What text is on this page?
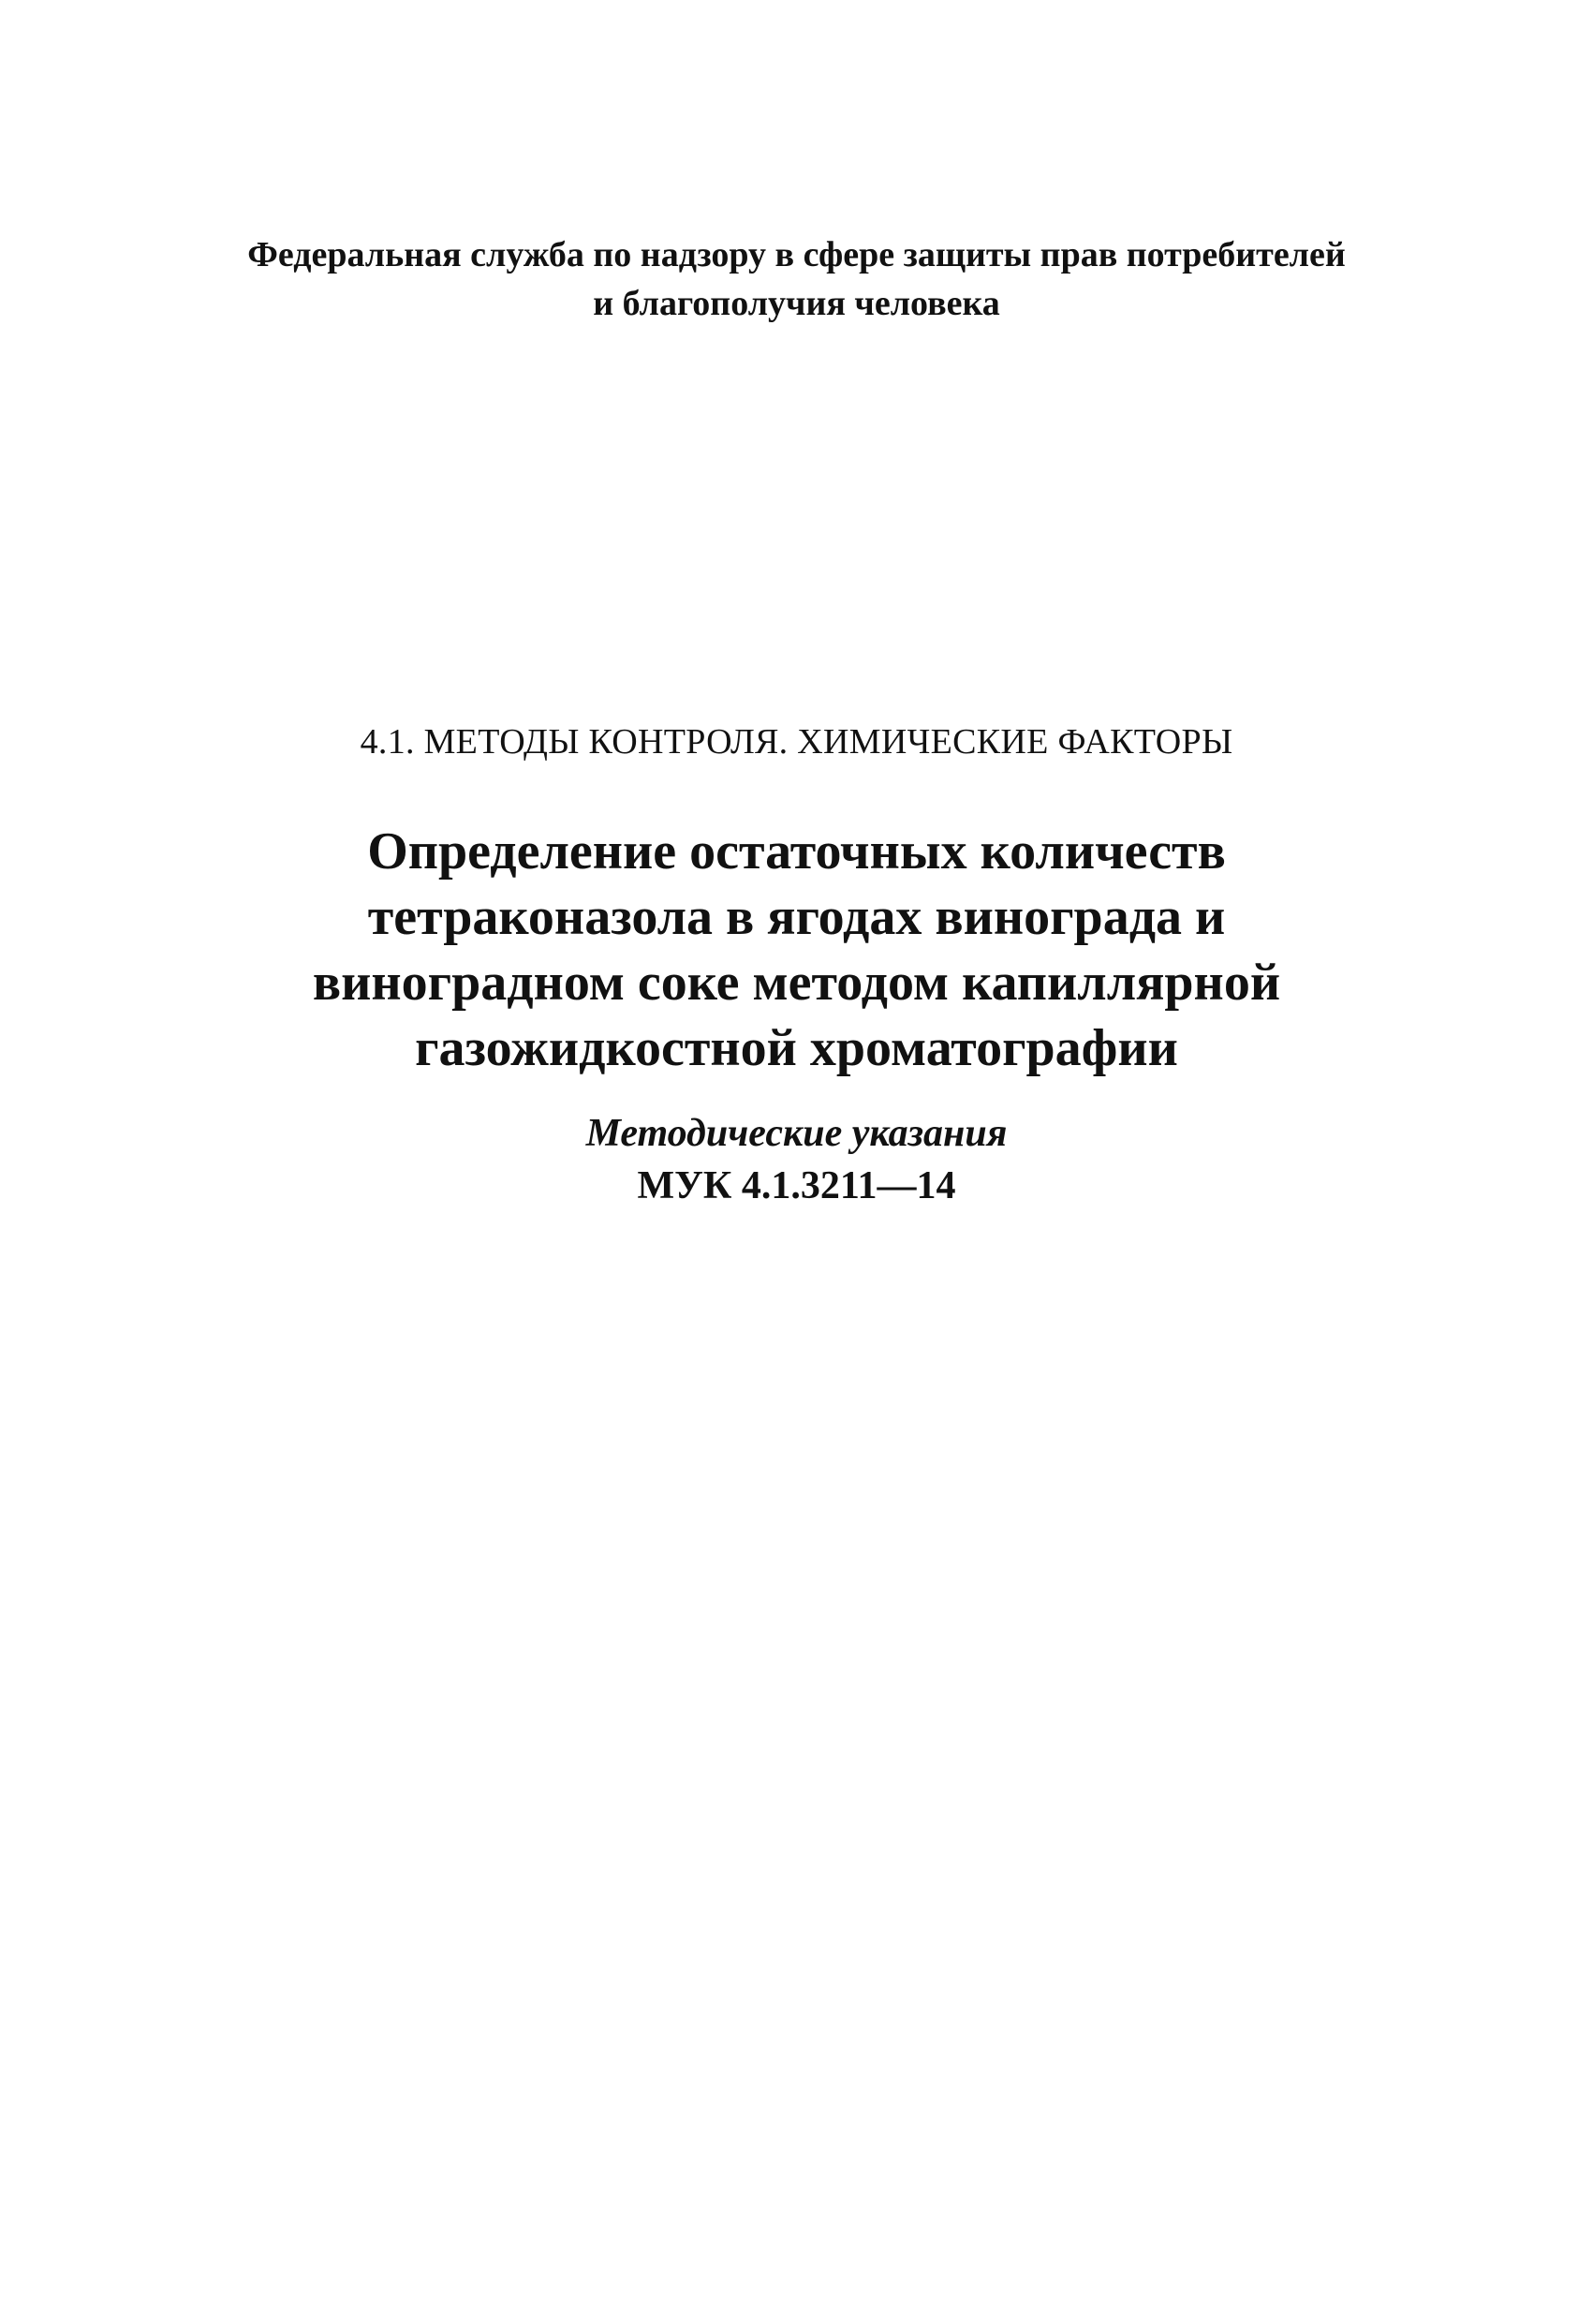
Федеральная служба по надзору в сфере защиты прав потребителей
и благополучия человека
4.1. МЕТОДЫ КОНТРОЛЯ. ХИМИЧЕСКИЕ ФАКТОРЫ
Определение остаточных количеств
тетраконазола в ягодах винограда и
виноградном соке методом капиллярной
газожидкостной хроматографии
Методические указания
МУК 4.1.3211—14
